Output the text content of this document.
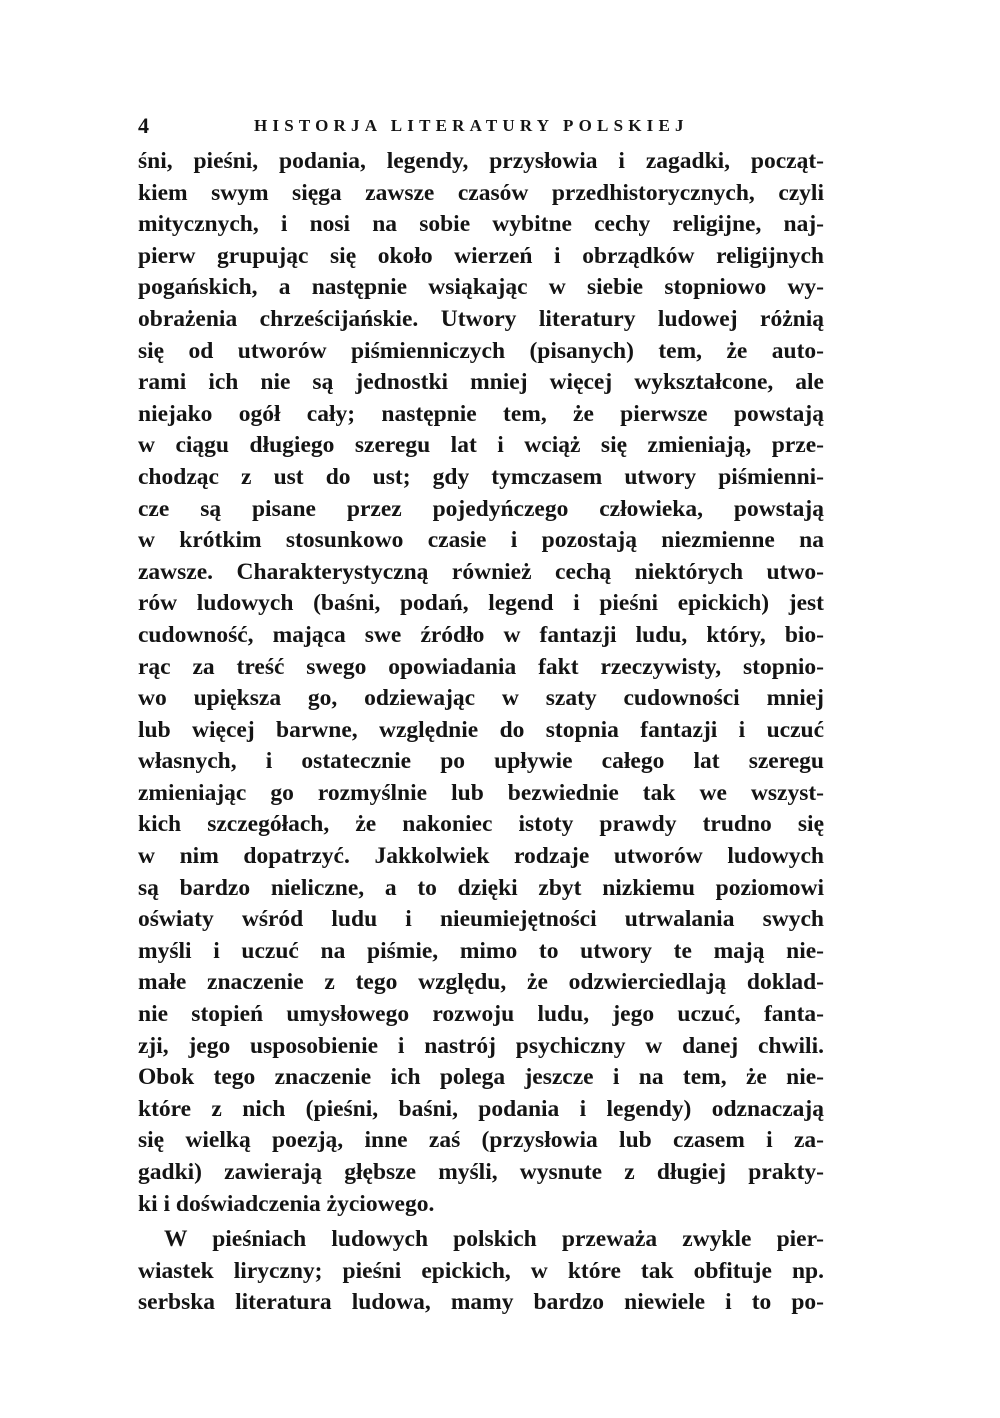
4	HISTORJA LITERATURY POLSKIEJ
śni, pieśni, podania, legendy, przysłowia i zagadki, począt-
kiem swym sięga zawsze czasów przedhistorycznych, czyli
mitycznych, i nosi na sobie wybitne cechy religijne, naj-
pierw grupując się około wierzeń i obrządków religijnych
pogańskich, a następnie wsiąkając w siebie stopniowo wy-
obrażenia chrześcijańskie. Utwory literatury ludowej różnią
się od utworów piśmienniczych (pisanych) tem, że auto-
rami ich nie są jednostki mniej więcej wykształcone, ale
niejako ogół cały; następnie tem, że pierwsze powstają
w ciągu długiego szeregu lat i wciąż się zmieniają, prze-
chodząc z ust do ust; gdy tymczasem utwory piśmienni-
cze są pisane przez pojedyńczego człowieka, powstają
w krótkim stosunkowo czasie i pozostają niezmienne na
zawsze. Charakterystyczną również cechą niektórych utwo-
rów ludowych (baśni, podań, legend i pieśni epickich) jest
cudowność, mająca swe źródło w fantazji ludu, który, bio-
rąc za treść swego opowiadania fakt rzeczywisty, stopnio-
wo upiększa go, odziewając w szaty cudowności mniej
lub więcej barwne, względnie do stopnia fantazji i uczuć
własnych, i ostatecznie po upływie całego lat szeregu
zmieniając go rozmyślnie lub bezwiednie tak we wszyst-
kich szczegółach, że nakoniec istoty prawdy trudno się
w nim dopatrzyć. Jakkolwiek rodzaje utworów ludowych
są bardzo nieliczne, a to dzięki zbyt nizkiemu poziomowi
oświaty wśród ludu i nieumiejętności utrwalania swych
myśli i uczuć na piśmie, mimo to utwory te mają nie-
małe znaczenie z tego względu, że odzwierciedlają doklad-
nie stopień umysłowego rozwoju ludu, jego uczuć, fanta-
zji, jego usposobienie i nastrój psychiczny w danej chwili.
Obok tego znaczenie ich polega jeszcze i na tem, że nie-
które z nich (pieśni, baśni, podania i legendy) odznaczają
się wielką poezją, inne zaś (przysłowia lub czasem i za-
gadki) zawierają głębsze myśli, wysnute z długiej prakty-
ki i doświadczenia życiowego.
W pieśniach ludowych polskich przeważa zwykle pier-
wiastek liryczny; pieśni epickich, w które tak obfituje np.
serbska literatura ludowa, mamy bardzo niewiele i to po-
